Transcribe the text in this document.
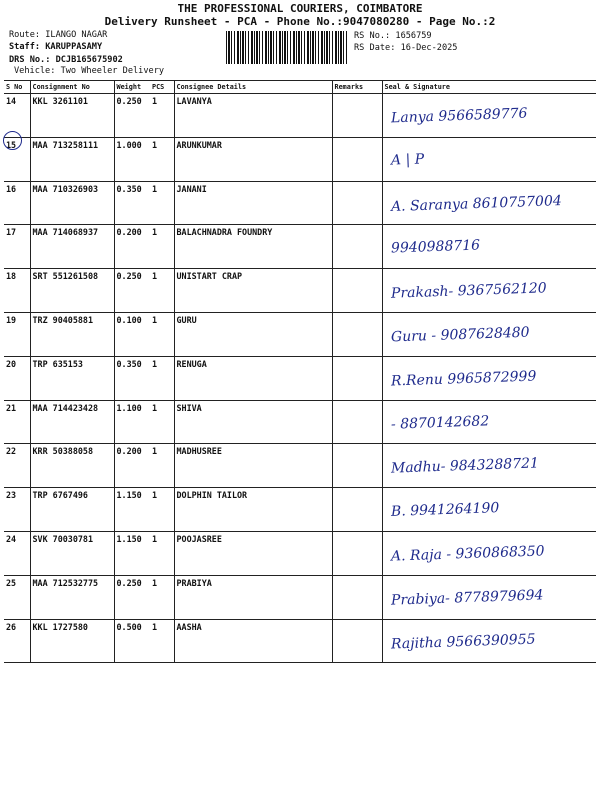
THE PROFESSIONAL COURIERS, COIMBATORE
Delivery Runsheet - PCA - Phone No.:9047080280 - Page No.:2
Route: ILANGO NAGAR
Staff: KARUPPASAMY
DRS No.: DCJB165675902
Vehicle: Two Wheeler Delivery
RS No.: 1656759
RS Date: 16-Dec-2025
S No	Consignment No	Weight	PCS	Consignee Details	Remarks	Seal & Signature
14	KKL 3261101	0.250	1	LAVANYA		Lanya 9566589776

15	MAA 713258111	1.000	1	ARUNKUMAR		A | P

16	MAA 710326903	0.350	1	JANANI		A. Saranya 8610757004

17	MAA 714068937	0.200	1	BALACHNADRA FOUNDRY		9940988716

18	SRT 551261508	0.250	1	UNISTART CRAP		Prakash- 9367562120

19	TRZ 90405881	0.100	1	GURU		Guru - 9087628480

20	TRP 635153	0.350	1	RENUGA		R.Renu 9965872999

21	MAA 714423428	1.100	1	SHIVA		- 8870142682

22	KRR 50388058	0.200	1	MADHUSREE		Madhu- 9843288721

23	TRP 6767496	1.150	1	DOLPHIN TAILOR		B. 9941264190

24	SVK 70030781	1.150	1	POOJASREE		A. Raja - 9360868350

25	MAA 712532775	0.250	1	PRABIYA		Prabiya- 8778979694

26	KKL 1727580	0.500	1	AASHA		Rajitha 9566390955
